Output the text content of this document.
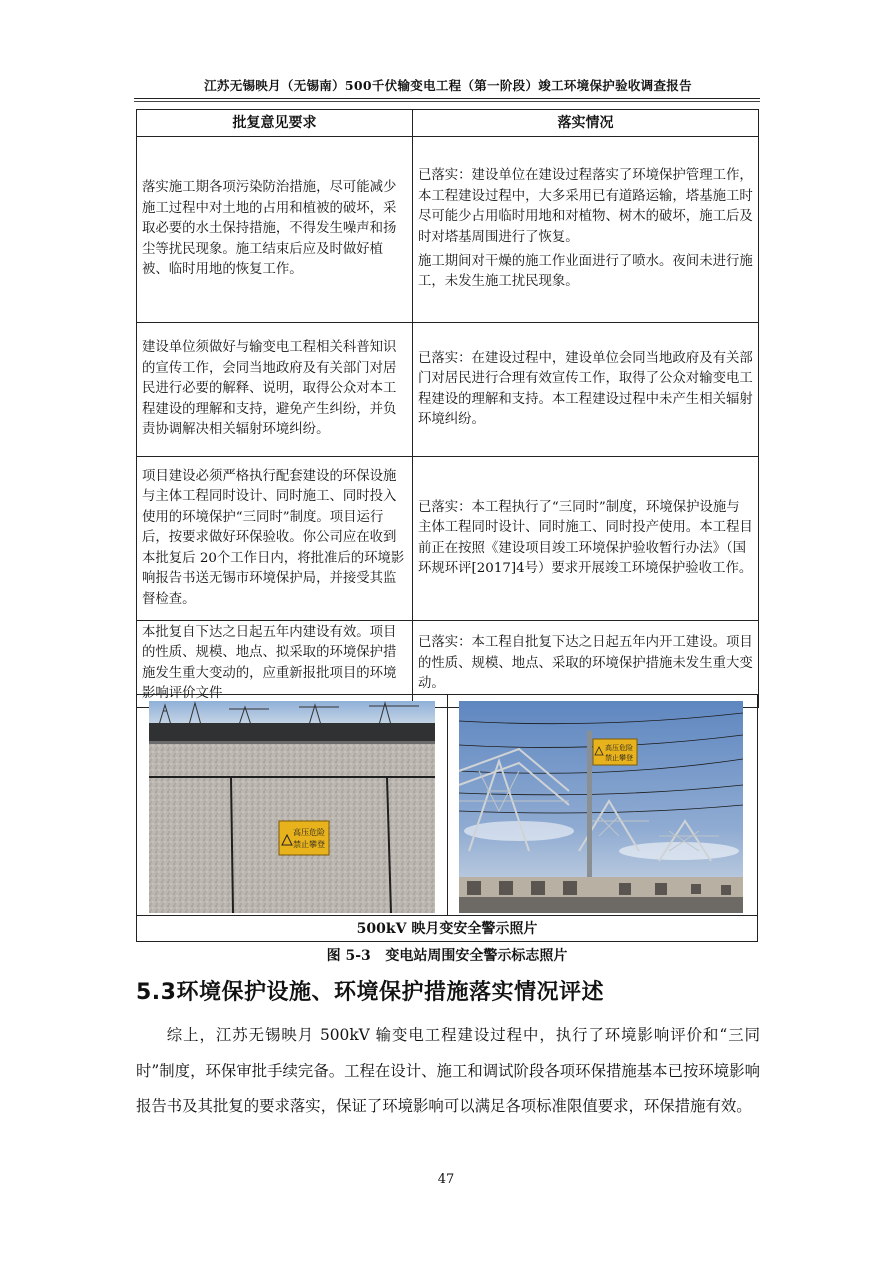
江苏无锡映月（无锡南）500千伏输变电工程（第一阶段）竣工环境保护验收调查报告
批复意见要求	落实情况

落实施工期各项污染防治措施，尽可能减少施工过程中对土地的占用和植被的破坏，采取必要的水土保持措施，不得发生噪声和扬尘等扰民现象。施工结束后应及时做好植被、临时用地的恢复工作。	已落实：建设单位在建设过程落实了环境保护管理工作，本工程建设过程中，大多采用已有道路运输，塔基施工时尽可能少占用临时用地和对植物、树木的破坏，施工后及时对塔基周围进行了恢复。

施工期间对干燥的施工作业面进行了喷水。夜间未进行施工，未发生施工扰民现象。

建设单位须做好与输变电工程相关科普知识的宣传工作，会同当地政府及有关部门对居民进行必要的解释、说明，取得公众对本工程建设的理解和支持，避免产生纠纷，并负责协调解决相关辐射环境纠纷。	已落实：在建设过程中，建设单位会同当地政府及有关部门对居民进行合理有效宣传工作，取得了公众对输变电工程建设的理解和支持。本工程建设过程中未产生相关辐射环境纠纷。

项目建设必须严格执行配套建设的环保设施与主体工程同时设计、同时施工、同时投入使用的环境保护“三同时”制度。项目运行后，按要求做好环保验收。你公司应在收到本批复后 20个工作日内，将批准后的环境影响报告书送无锡市环境保护局，并接受其监督检查。	已落实：本工程执行了“三同时”制度，环境保护设施与主体工程同时设计、同时施工、同时投产使用。本工程目前正在按照《建设项目竣工环境保护验收暂行办法》（国环规环评[2017]4号）要求开展竣工环境保护验收工作。

本批复自下达之日起五年内建设有效。项目的性质、规模、地点、拟采取的环境保护措施发生重大变动的，应重新报批项目的环境影响评价文件	已落实：本工程自批复下达之日起五年内开工建设。项目的性质、规模、地点、采取的环境保护措施未发生重大变动。

高压危险
禁止攀登
高压危险
禁止攀登
500kV 映月变安全警示照片
图 5-3 变电站周围安全警示标志照片
5.3环境保护设施、环境保护措施落实情况评述

综上，江苏无锡映月 500kV 输变电工程建设过程中，执行了环境影响评价和“三同时”制度，环保审批手续完备。工程在设计、施工和调试阶段各项环保措施基本已按环境影响报告书及其批复的要求落实，保证了环境影响可以满足各项标准限值要求，环保措施有效。

47
